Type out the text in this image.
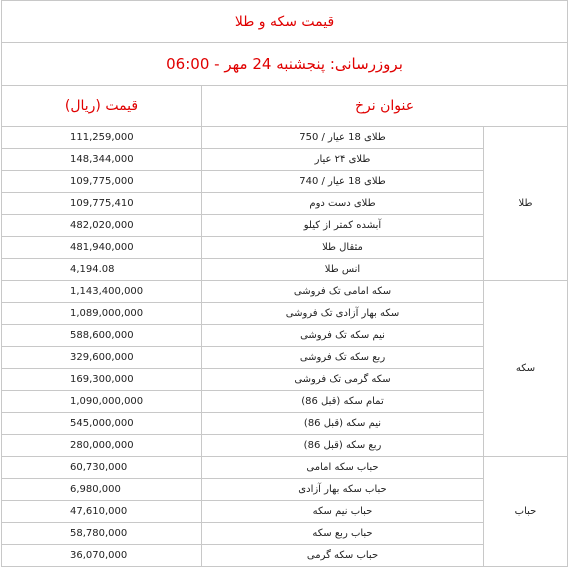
قیمت سکه و طلا		
بروزرسانی: پنجشنبه 24 مهر - 06:00		
قیمت (ریال)	عنوان نرخ	
111,259,000	طلای 18 عیار / 750	طلا
148,344,000	طلای ۲۴ عیار	
109,775,000	طلای 18 عیار / 740	
109,775,410	طلای دست دوم	
482,020,000	آبشده کمتر از کیلو	
481,940,000	مثقال طلا	
4,194.08	انس طلا	
1,143,400,000	سکه امامی تک فروشی	سکه
1,089,000,000	سکه بهار آزادی تک فروشی	
588,600,000	نیم سکه تک فروشی	
329,600,000	ربع سکه تک فروشی	
169,300,000	سکه گرمی تک فروشی	
1,090,000,000	تمام سکه (قبل 86)	
545,000,000	نیم سکه (قبل 86)	
280,000,000	ربع سکه (قبل 86)	
60,730,000	حباب سکه امامی	حباب
6,980,000	حباب سکه بهار آزادی	
47,610,000	حباب نیم سکه	
58,780,000	حباب ربع سکه	
36,070,000	حباب سکه گرمی	
